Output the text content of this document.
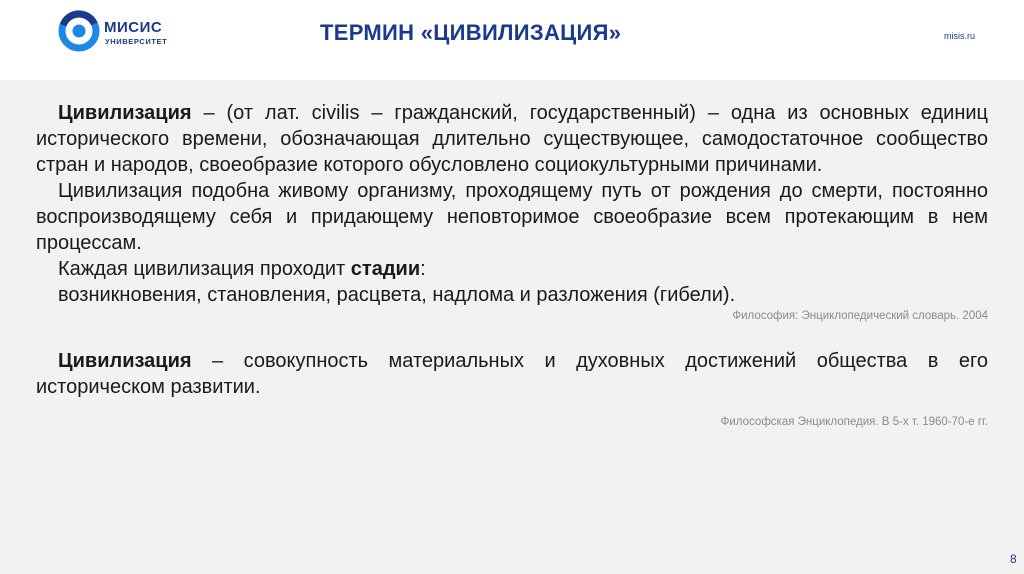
МИСИС
УНИВЕРСИТЕТ	ТЕРМИН «ЦИВИЛИЗАЦИЯ»	misis.ru

Цивилизация – (от лат. civilis – гражданский, государственный) – одна из основных единиц исторического времени, обозначающая длительно существующее, самодостаточное сообщество стран и народов, своеобразие которого обусловлено социокультурными причинами.

Цивилизация подобна живому организму, проходящему путь от рождения до смерти, постоянно воспроизводящему себя и придающему неповторимое своеобразие всем протекающим в нем процессам.

Каждая цивилизация проходит стадии:

возникновения, становления, расцвета, надлома и разложения (гибели).

Философия: Энциклопедический словарь. 2004

Цивилизация – совокупность материальных и духовных достижений общества в его историческом развитии.

Философская Энциклопедия. В 5-х т. 1960-70-е гг.

8
